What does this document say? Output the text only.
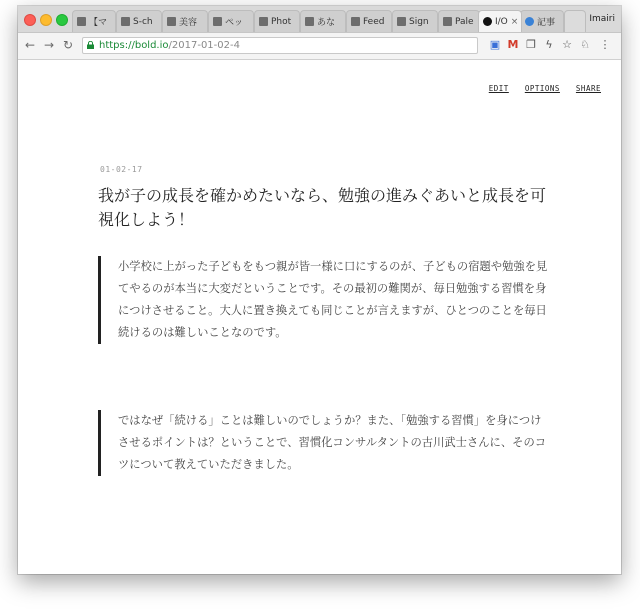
【マ	S-ch	美容	ペッ	Phot	あな	Feed	Sign	Pale I/O × 記事	Imairi
← → ↻	https://bold.io/2017-01-02-4	▣ M ❐ ϟ ☆ ♘ ⋮
EDIT OPTIONS SHARE
01-02-17
我が子の成長を確かめたいなら、勉強の進みぐあいと成長を可視化しよう！
小学校に上がった子どもをもつ親が皆一様に口にするのが、子どもの宿題や勉強を見てやるのが本当に大変だということです。その最初の難関が、毎日勉強する習慣を身につけさせること。大人に置き換えても同じことが言えますが、ひとつのことを毎日続けるのは難しいことなのです。
ではなぜ「続ける」ことは難しいのでしょうか？また、「勉強する習慣」を身につけさせるポイントは？ということで、習慣化コンサルタントの古川武士さんに、そのコツについて教えていただきました。
